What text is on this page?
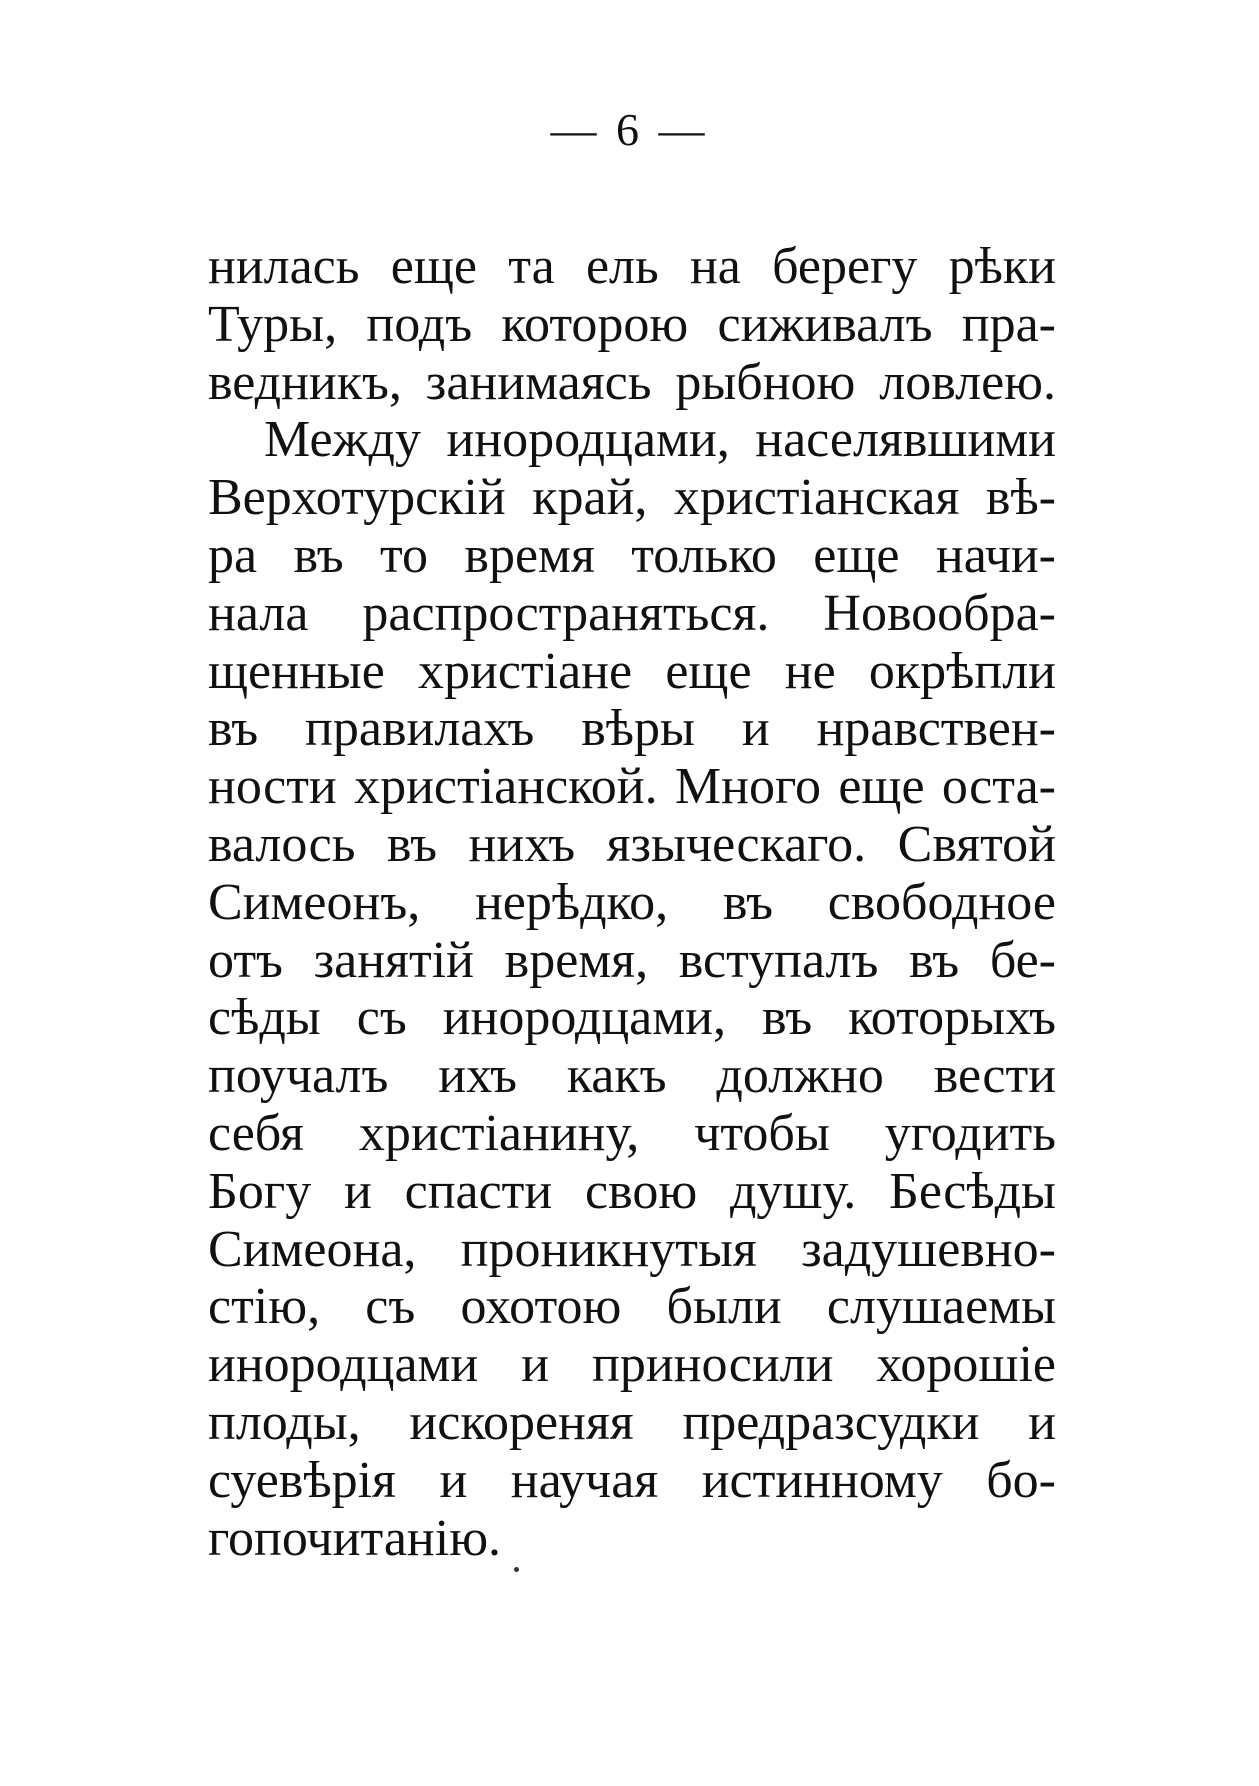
— 6 —
нилась еще та ель на берегу рѣки
Туры, подъ которою сиживалъ пра-
ведникъ, занимаясь рыбною ловлею.
Между инородцами, населявшими
Верхотурскій край, христіанская вѣ-
ра въ то время только еще начи-
нала распространяться. Новообра-
щенные христіане еще не окрѣпли
въ правилахъ вѣры и нравствен-
ности христіанской. Много еще оста-
валось въ нихъ языческаго. Святой
Симеонъ, нерѣдко, въ свободное
отъ занятій время, вступалъ въ бе-
сѣды съ инородцами, въ которыхъ
поучалъ ихъ какъ должно вести
себя христіанину, чтобы угодить
Богу и спасти свою душу. Бесѣды
Симеона, проникнутыя задушевно-
стію, съ охотою были слушаемы
инородцами и приносили хорошіе
плоды, искореняя предразсудки и
суевѣрія и научая истинному бо-
гопочитанію.
